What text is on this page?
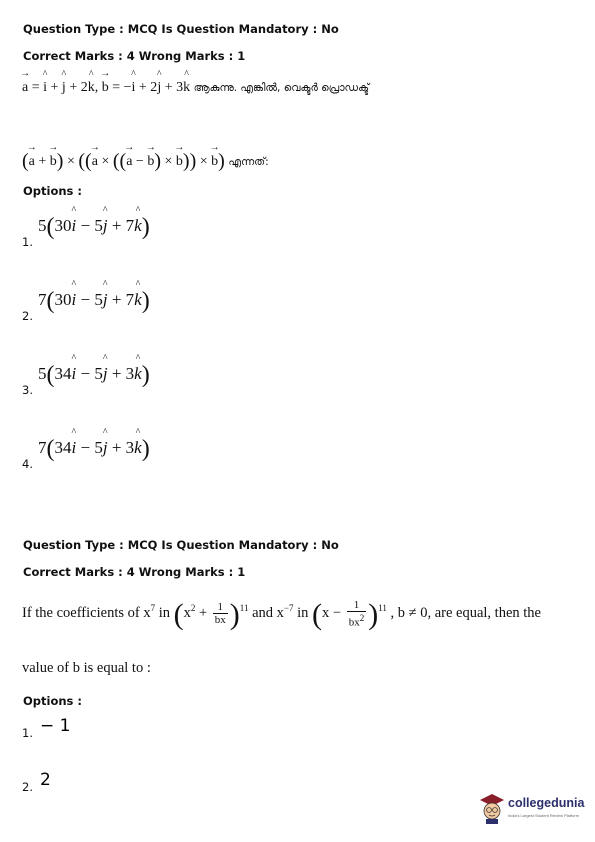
Question Type : MCQ Is Question Mandatory : No
Correct Marks : 4 Wrong Marks : 1
→ a = ^ i + ^ j + 2^ k, → b = −^ i + 2^ j + 3^ k ആകുന്നു. എങ്കിൽ, വെക്ടർ പ്രൊഡക്ട്
(→ a + → b) × ((→ a × ((→ a − → b) × → b)) × → b) എന്നത്:
Options :
1.
5(30^ i − 5^ j + 7^ k)
2.
7(30^ i − 5^ j + 7^ k)
3.
5(34^ i − 5^ j + 3^ k)
4.
7(34^ i − 5^ j + 3^ k)
Question Type : MCQ Is Question Mandatory : No
Correct Marks : 4 Wrong Marks : 1
If the coefficients of $x^7$ in $(x^2 + \frac{1}{bx} )^{11}$ and $x^{-7}$ in $(x - \frac{1}{bx^2} )^{11}$ , b ≠ 0, are equal, then the
value of b is equal to :
Options :
1. − 1
2. 2
collegedunia
India's Largest Student Review Platform
